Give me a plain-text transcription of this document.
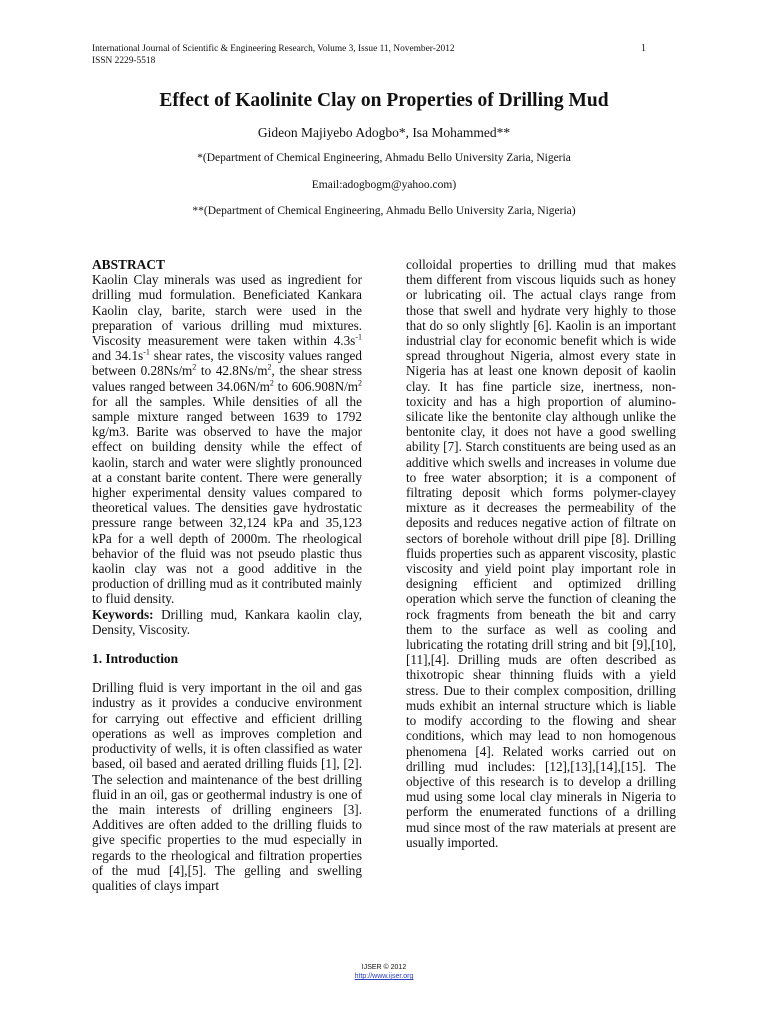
International Journal of Scientific & Engineering Research, Volume 3, Issue 11, November-2012
ISSN 2229-5518
1
Effect of Kaolinite Clay on Properties of Drilling Mud
Gideon Majiyebo Adogbo*, Isa Mohammed**
*(Department of Chemical Engineering, Ahmadu Bello University Zaria, Nigeria
Email:adogbogm@yahoo.com)
**(Department of Chemical Engineering, Ahmadu Bello University Zaria, Nigeria)
ABSTRACT

Kaolin Clay minerals was used as ingredient for drilling mud formulation. Beneficiated Kankara Kaolin clay, barite, starch were used in the preparation of various drilling mud mixtures. Viscosity measurement were taken within $4.3s^{-1}$ and $34.1s^{-1}$ shear rates, the viscosity values ranged between $0.28Ns/m^2$ to $42.8Ns/m^2$, the shear stress values ranged between $34.06N/m^2$ to $606.908N/m^2$ for all the samples. While densities of all the sample mixture ranged between 1639 to 1792 kg/m3. Barite was observed to have the major effect on building density while the effect of kaolin, starch and water were slightly pronounced at a constant barite content. There were generally higher experimental density values compared to theoretical values. The densities gave hydrostatic pressure range between 32,124 kPa and 35,123 kPa for a well depth of 2000m. The rheological behavior of the fluid was not pseudo plastic thus kaolin clay was not a good additive in the production of drilling mud as it contributed mainly to fluid density.

Keywords: Drilling mud, Kankara kaolin clay, Density, Viscosity.

1. Introduction

Drilling fluid is very important in the oil and gas industry as it provides a conducive environment for carrying out effective and efficient drilling operations as well as improves completion and productivity of wells, it is often classified as water based, oil based and aerated drilling fluids [1], [2]. The selection and maintenance of the best drilling fluid in an oil, gas or geothermal industry is one of the main interests of drilling engineers [3]. Additives are often added to the drilling fluids to give specific properties to the mud especially in regards to the rheological and filtration properties of the mud [4],[5]. The gelling and swelling qualities of clays impart

colloidal properties to drilling mud that makes them different from viscous liquids such as honey or lubricating oil. The actual clays range from those that swell and hydrate very highly to those that do so only slightly [6]. Kaolin is an important industrial clay for economic benefit which is wide spread throughout Nigeria, almost every state in Nigeria has at least one known deposit of kaolin clay. It has fine particle size, inertness, non-toxicity and has a high proportion of alumino-silicate like the bentonite clay although unlike the bentonite clay, it does not have a good swelling ability [7]. Starch constituents are being used as an additive which swells and increases in volume due to free water absorption; it is a component of filtrating deposit which forms polymer-clayey mixture as it decreases the permeability of the deposits and reduces negative action of filtrate on sectors of borehole without drill pipe [8]. Drilling fluids properties such as apparent viscosity, plastic viscosity and yield point play important role in designing efficient and optimized drilling operation which serve the function of cleaning the rock fragments from beneath the bit and carry them to the surface as well as cooling and lubricating the rotating drill string and bit [9],[10],[11],[4]. Drilling muds are often described as thixotropic shear thinning fluids with a yield stress. Due to their complex composition, drilling muds exhibit an internal structure which is liable to modify according to the flowing and shear conditions, which may lead to non homogenous phenomena [4]. Related works carried out on drilling mud includes: [12],[13],[14],[15]. The objective of this research is to develop a drilling mud using some local clay minerals in Nigeria to perform the enumerated functions of a drilling mud since most of the raw materials at present are usually imported.

IJSER © 2012
http://www.ijser.org
